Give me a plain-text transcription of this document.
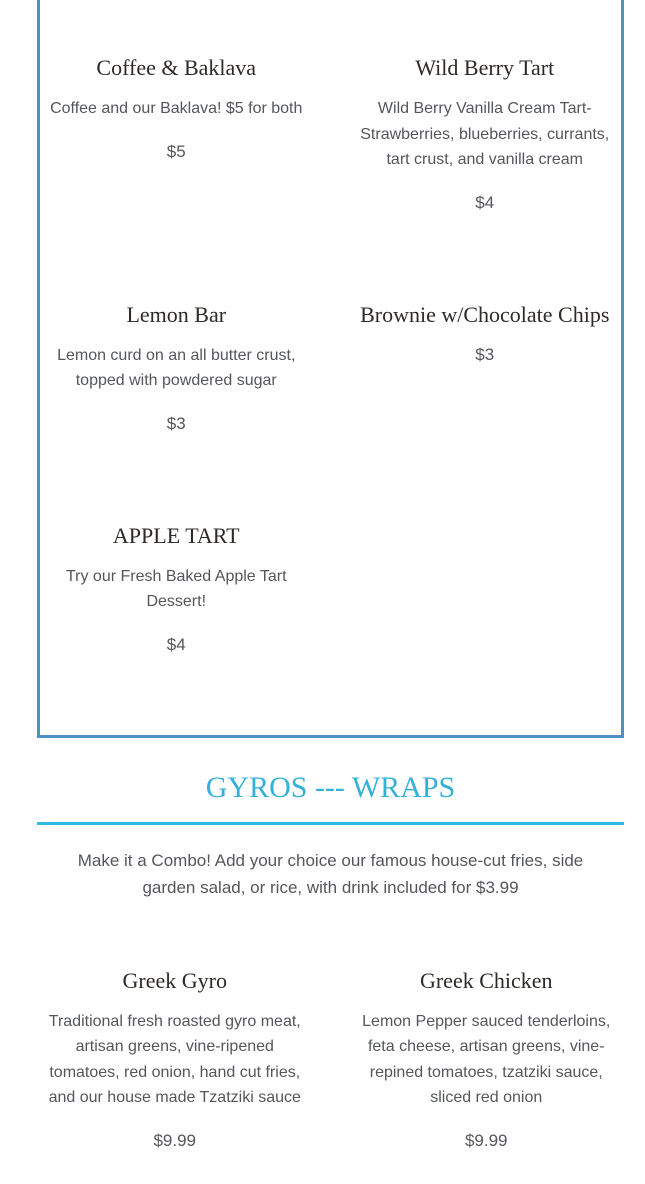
Coffee & Baklava

Coffee and our Baklava! $5 for both

$5

Wild Berry Tart

Wild Berry Vanilla Cream Tart- Strawberries, blueberries, currants, tart crust, and vanilla cream

$4

Lemon Bar

Lemon curd on an all butter crust, topped with powdered sugar

$3

Brownie w/Chocolate Chips

$3

APPLE TART

Try our Fresh Baked Apple Tart Dessert!

$4

GYROS --- WRAPS

Make it a Combo! Add your choice our famous house-cut fries, side garden salad, or rice, with drink included for $3.99

Greek Gyro

Traditional fresh roasted gyro meat, artisan greens, vine-ripened tomatoes, red onion, hand cut fries, and our house made Tzatziki sauce

$9.99

Greek Chicken

Lemon Pepper sauced tenderloins, feta cheese, artisan greens, vine-repined tomatoes, tzatziki sauce, sliced red onion

$9.99
